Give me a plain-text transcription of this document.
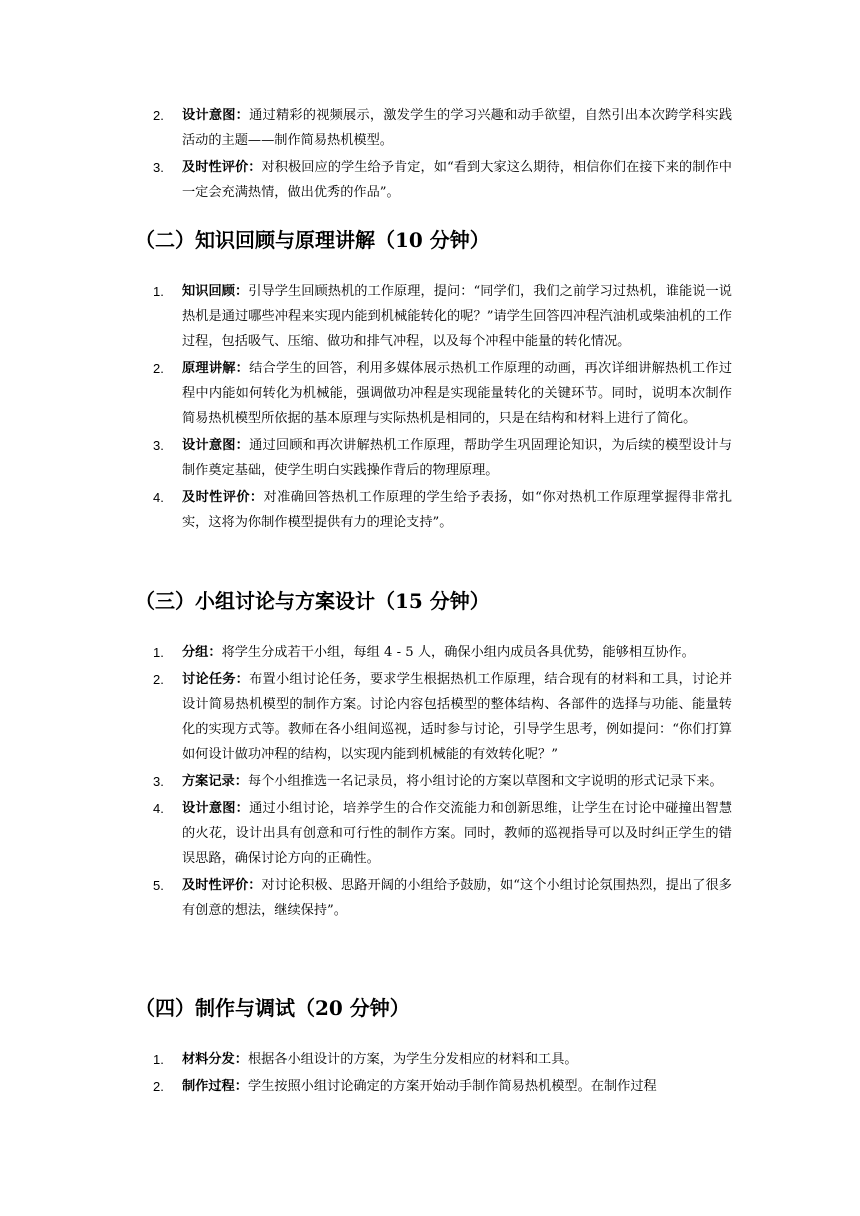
2. 设计意图：通过精彩的视频展示，激发学生的学习兴趣和动手欲望，自然引出本次跨学科实践活动的主题——制作简易热机模型。
3. 及时性评价：对积极回应的学生给予肯定，如“看到大家这么期待，相信你们在接下来的制作中一定会充满热情，做出优秀的作品”。
（二）知识回顾与原理讲解（10 分钟）
1. 知识回顾：引导学生回顾热机的工作原理，提问：“同学们，我们之前学习过热机，谁能说一说热机是通过哪些冲程来实现内能到机械能转化的呢？”请学生回答四冲程汽油机或柴油机的工作过程，包括吸气、压缩、做功和排气冲程，以及每个冲程中能量的转化情况。
2. 原理讲解：结合学生的回答，利用多媒体展示热机工作原理的动画，再次详细讲解热机工作过程中内能如何转化为机械能，强调做功冲程是实现能量转化的关键环节。同时，说明本次制作简易热机模型所依据的基本原理与实际热机是相同的，只是在结构和材料上进行了简化。
3. 设计意图：通过回顾和再次讲解热机工作原理，帮助学生巩固理论知识，为后续的模型设计与制作奠定基础，使学生明白实践操作背后的物理原理。
4. 及时性评价：对准确回答热机工作原理的学生给予表扬，如“你对热机工作原理掌握得非常扎实，这将为你制作模型提供有力的理论支持”。
（三）小组讨论与方案设计（15 分钟）
1. 分组：将学生分成若干小组，每组 4 - 5 人，确保小组内成员各具优势，能够相互协作。
2. 讨论任务：布置小组讨论任务，要求学生根据热机工作原理，结合现有的材料和工具，讨论并设计简易热机模型的制作方案。讨论内容包括模型的整体结构、各部件的选择与功能、能量转化的实现方式等。教师在各小组间巡视，适时参与讨论，引导学生思考，例如提问：“你们打算如何设计做功冲程的结构，以实现内能到机械能的有效转化呢？”
3. 方案记录：每个小组推选一名记录员，将小组讨论的方案以草图和文字说明的形式记录下来。
4. 设计意图：通过小组讨论，培养学生的合作交流能力和创新思维，让学生在讨论中碰撞出智慧的火花，设计出具有创意和可行性的制作方案。同时，教师的巡视指导可以及时纠正学生的错误思路，确保讨论方向的正确性。
5. 及时性评价：对讨论积极、思路开阔的小组给予鼓励，如“这个小组讨论氛围热烈，提出了很多有创意的想法，继续保持”。
（四）制作与调试（20 分钟）
1. 材料分发：根据各小组设计的方案，为学生分发相应的材料和工具。
2. 制作过程：学生按照小组讨论确定的方案开始动手制作简易热机模型。在制作过程
